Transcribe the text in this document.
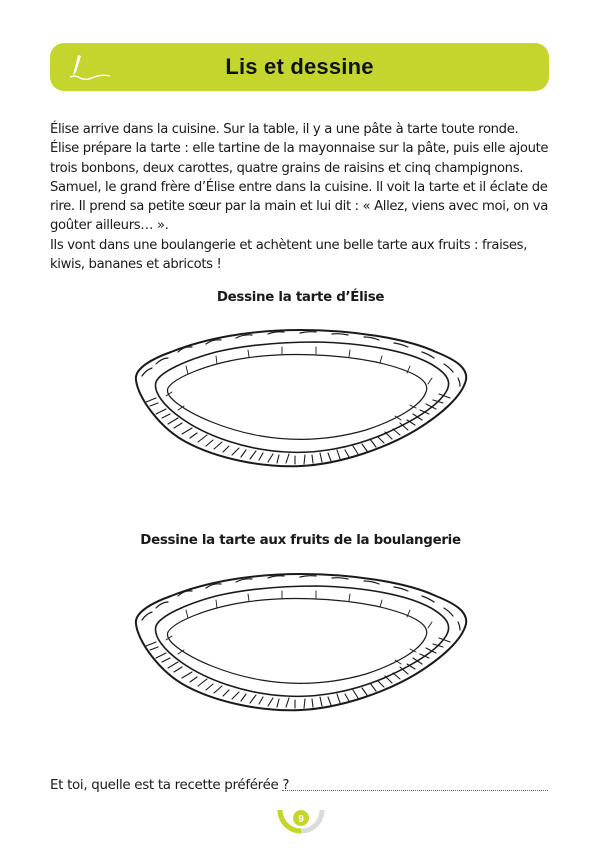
Lis et dessine

Élise arrive dans la cuisine. Sur la table, il y a une pâte à tarte toute ronde.

Élise prépare la tarte : elle tartine de la mayonnaise sur la pâte, puis elle ajoute trois bonbons, deux carottes, quatre grains de raisins et cinq champignons.

Samuel, le grand frère d’Élise entre dans la cuisine. Il voit la tarte et il éclate de rire. Il prend sa petite sœur par la main et lui dit : « Allez, viens avec moi, on va goûter ailleurs… ».

Ils vont dans une boulangerie et achètent une belle tarte aux fruits : fraises, kiwis, bananes et abricots !

Dessine la tarte d’Élise
Dessine la tarte aux fruits de la boulangerie
Et toi, quelle est ta recette préférée ?
9
